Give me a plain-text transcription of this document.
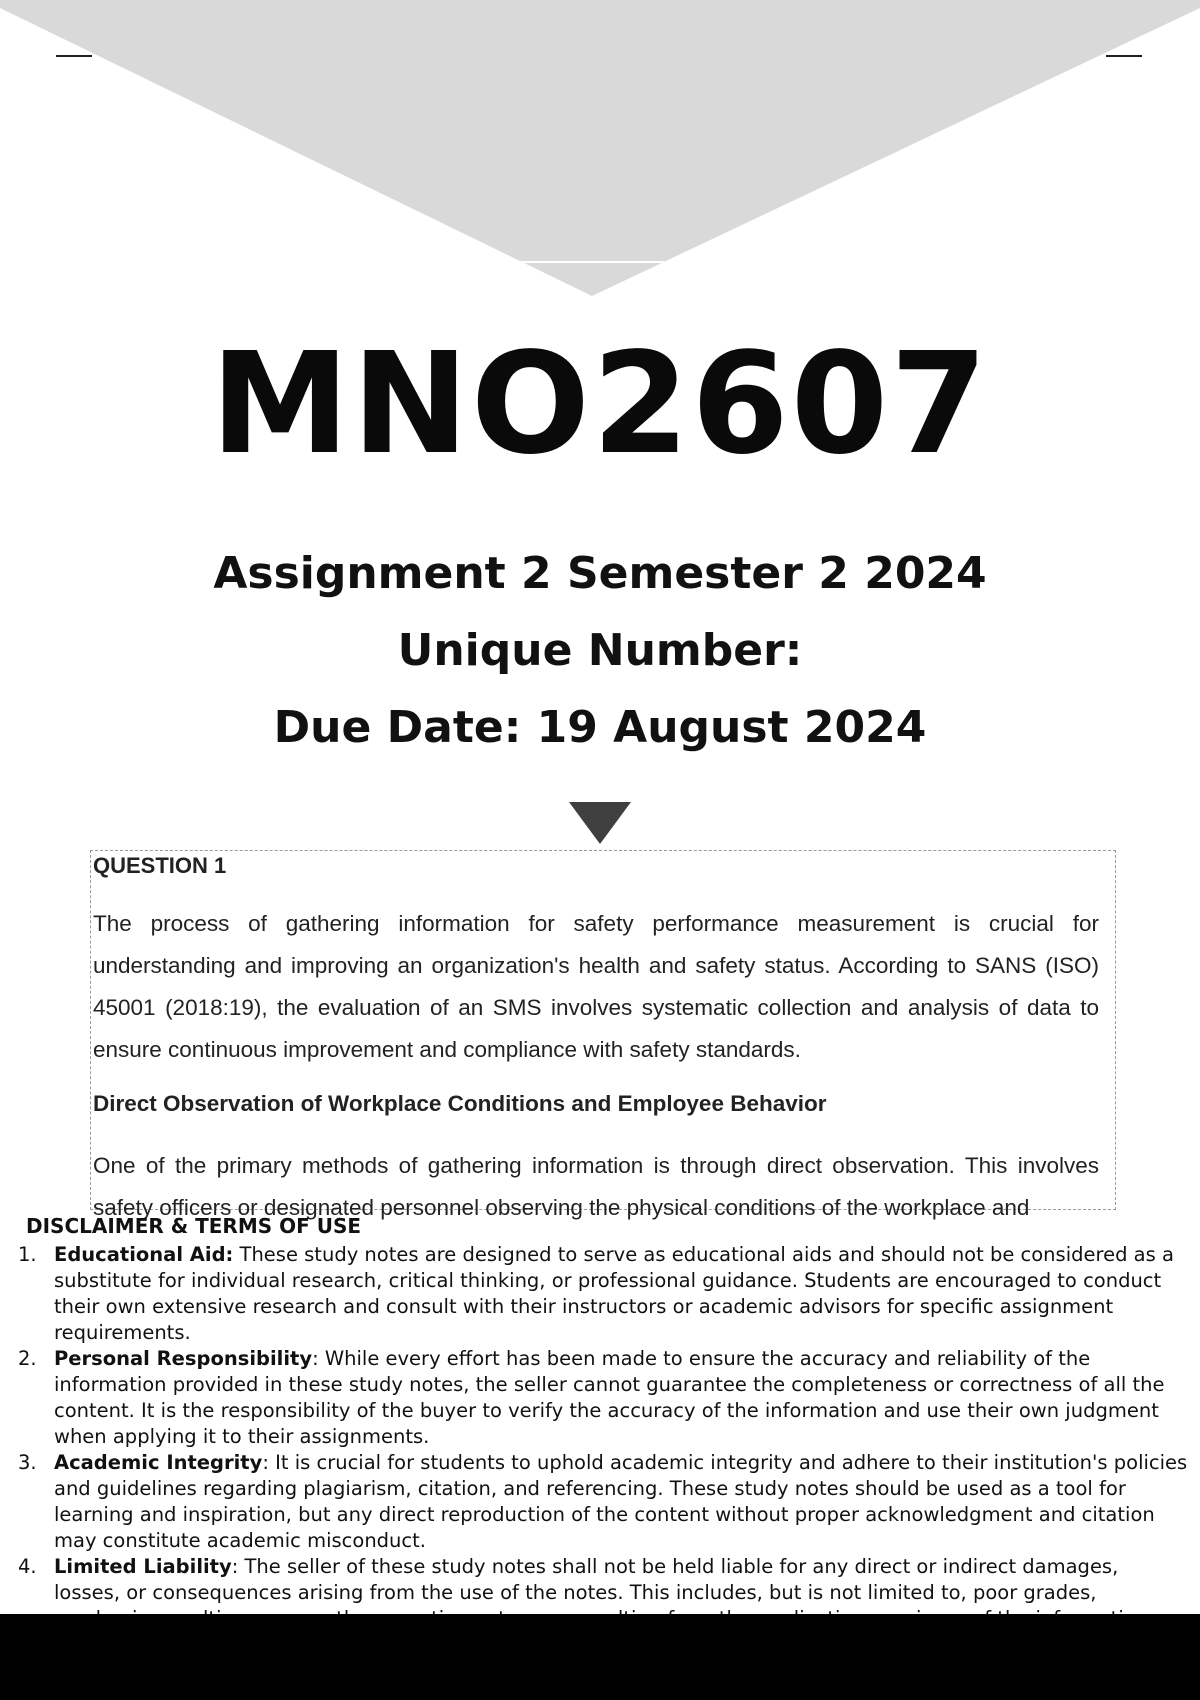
MNO2607
Assignment 2 Semester 2 2024
Unique Number:
Due Date: 19 August 2024
QUESTION 1
The process of gathering information for safety performance measurement is crucial for understanding and improving an organization's health and safety status. According to SANS (ISO) 45001 (2018:19), the evaluation of an SMS involves systematic collection and analysis of data to ensure continuous improvement and compliance with safety standards.
Direct Observation of Workplace Conditions and Employee Behavior
One of the primary methods of gathering information is through direct observation. This involves safety officers or designated personnel observing the physical conditions of the workplace and
DISCLAIMER & TERMS OF USE
1. Educational Aid: These study notes are designed to serve as educational aids and should not be considered as a substitute for individual research, critical thinking, or professional guidance. Students are encouraged to conduct their own extensive research and consult with their instructors or academic advisors for specific assignment requirements.
2. Personal Responsibility: While every effort has been made to ensure the accuracy and reliability of the information provided in these study notes, the seller cannot guarantee the completeness or correctness of all the content. It is the responsibility of the buyer to verify the accuracy of the information and use their own judgment when applying it to their assignments.
3. Academic Integrity: It is crucial for students to uphold academic integrity and adhere to their institution's policies and guidelines regarding plagiarism, citation, and referencing. These study notes should be used as a tool for learning and inspiration, but any direct reproduction of the content without proper acknowledgment and citation may constitute academic misconduct.
4. Limited Liability: The seller of these study notes shall not be held liable for any direct or indirect damages, losses, or consequences arising from the use of the notes. This includes, but is not limited to, poor grades,
